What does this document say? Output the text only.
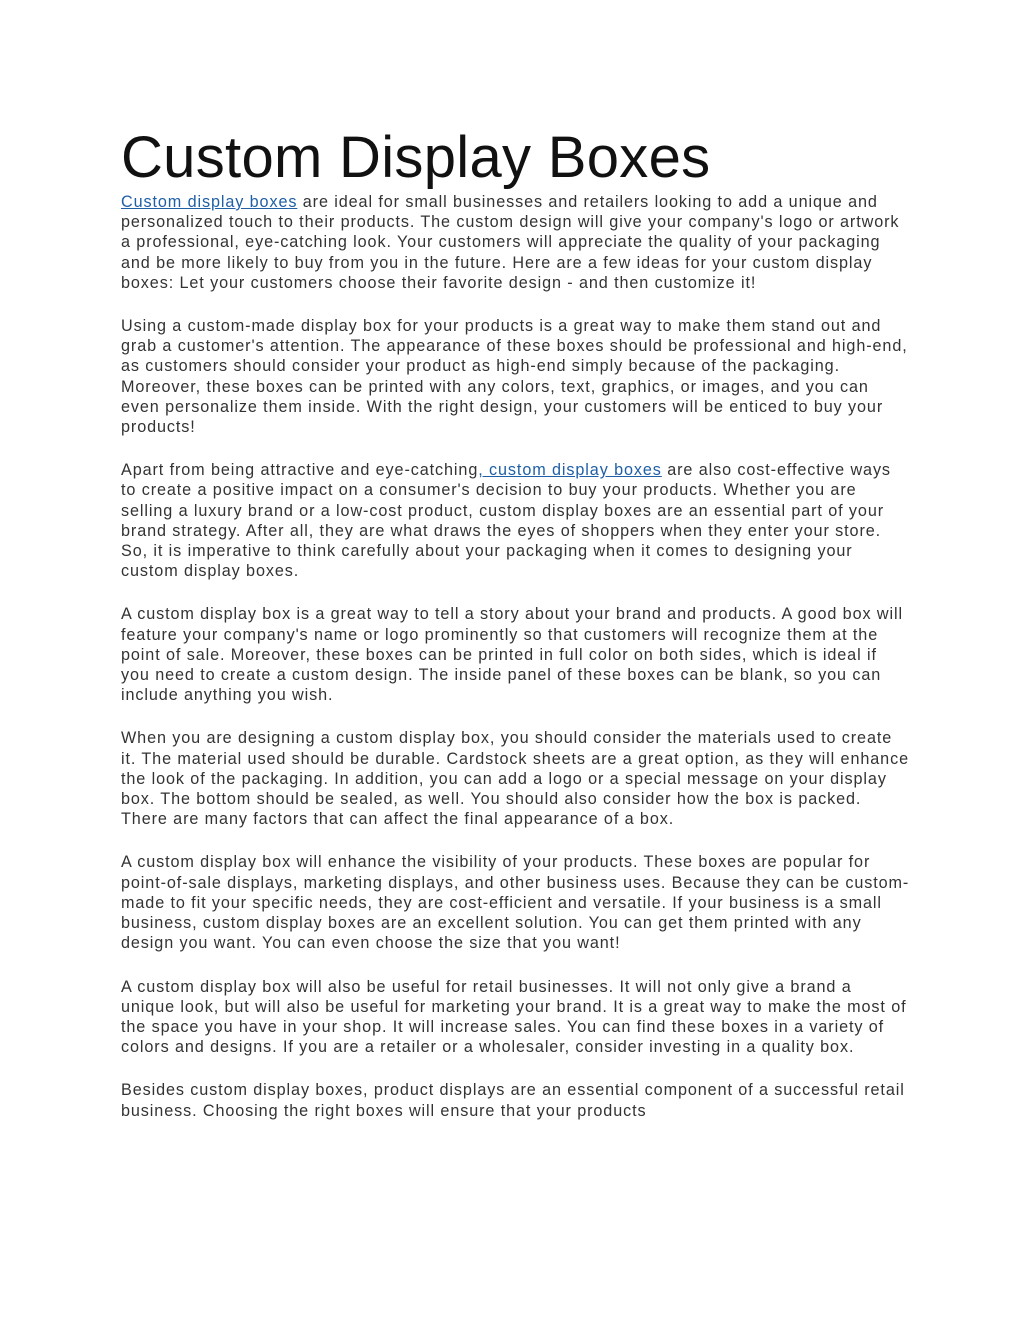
Custom Display Boxes

Custom display boxes are ideal for small businesses and retailers looking to add a unique and personalized touch to their products. The custom design will give your company's logo or artwork a professional, eye-catching look. Your customers will appreciate the quality of your packaging and be more likely to buy from you in the future. Here are a few ideas for your custom display boxes: Let your customers choose their favorite design - and then customize it!

Using a custom-made display box for your products is a great way to make them stand out and grab a customer's attention. The appearance of these boxes should be professional and high-end, as customers should consider your product as high-end simply because of the packaging. Moreover, these boxes can be printed with any colors, text, graphics, or images, and you can even personalize them inside. With the right design, your customers will be enticed to buy your products!

Apart from being attractive and eye-catching, custom display boxes are also cost-effective ways to create a positive impact on a consumer's decision to buy your products. Whether you are selling a luxury brand or a low-cost product, custom display boxes are an essential part of your brand strategy. After all, they are what draws the eyes of shoppers when they enter your store. So, it is imperative to think carefully about your packaging when it comes to designing your custom display boxes.

A custom display box is a great way to tell a story about your brand and products. A good box will feature your company's name or logo prominently so that customers will recognize them at the point of sale. Moreover, these boxes can be printed in full color on both sides, which is ideal if you need to create a custom design. The inside panel of these boxes can be blank, so you can include anything you wish.

When you are designing a custom display box, you should consider the materials used to create it. The material used should be durable. Cardstock sheets are a great option, as they will enhance the look of the packaging. In addition, you can add a logo or a special message on your display box. The bottom should be sealed, as well. You should also consider how the box is packed. There are many factors that can affect the final appearance of a box.

A custom display box will enhance the visibility of your products. These boxes are popular for point-of-sale displays, marketing displays, and other business uses. Because they can be custom-made to fit your specific needs, they are cost-efficient and versatile. If your business is a small business, custom display boxes are an excellent solution. You can get them printed with any design you want. You can even choose the size that you want!

A custom display box will also be useful for retail businesses. It will not only give a brand a unique look, but will also be useful for marketing your brand. It is a great way to make the most of the space you have in your shop. It will increase sales. You can find these boxes in a variety of colors and designs. If you are a retailer or a wholesaler, consider investing in a quality box.

Besides custom display boxes, product displays are an essential component of a successful retail business. Choosing the right boxes will ensure that your products
